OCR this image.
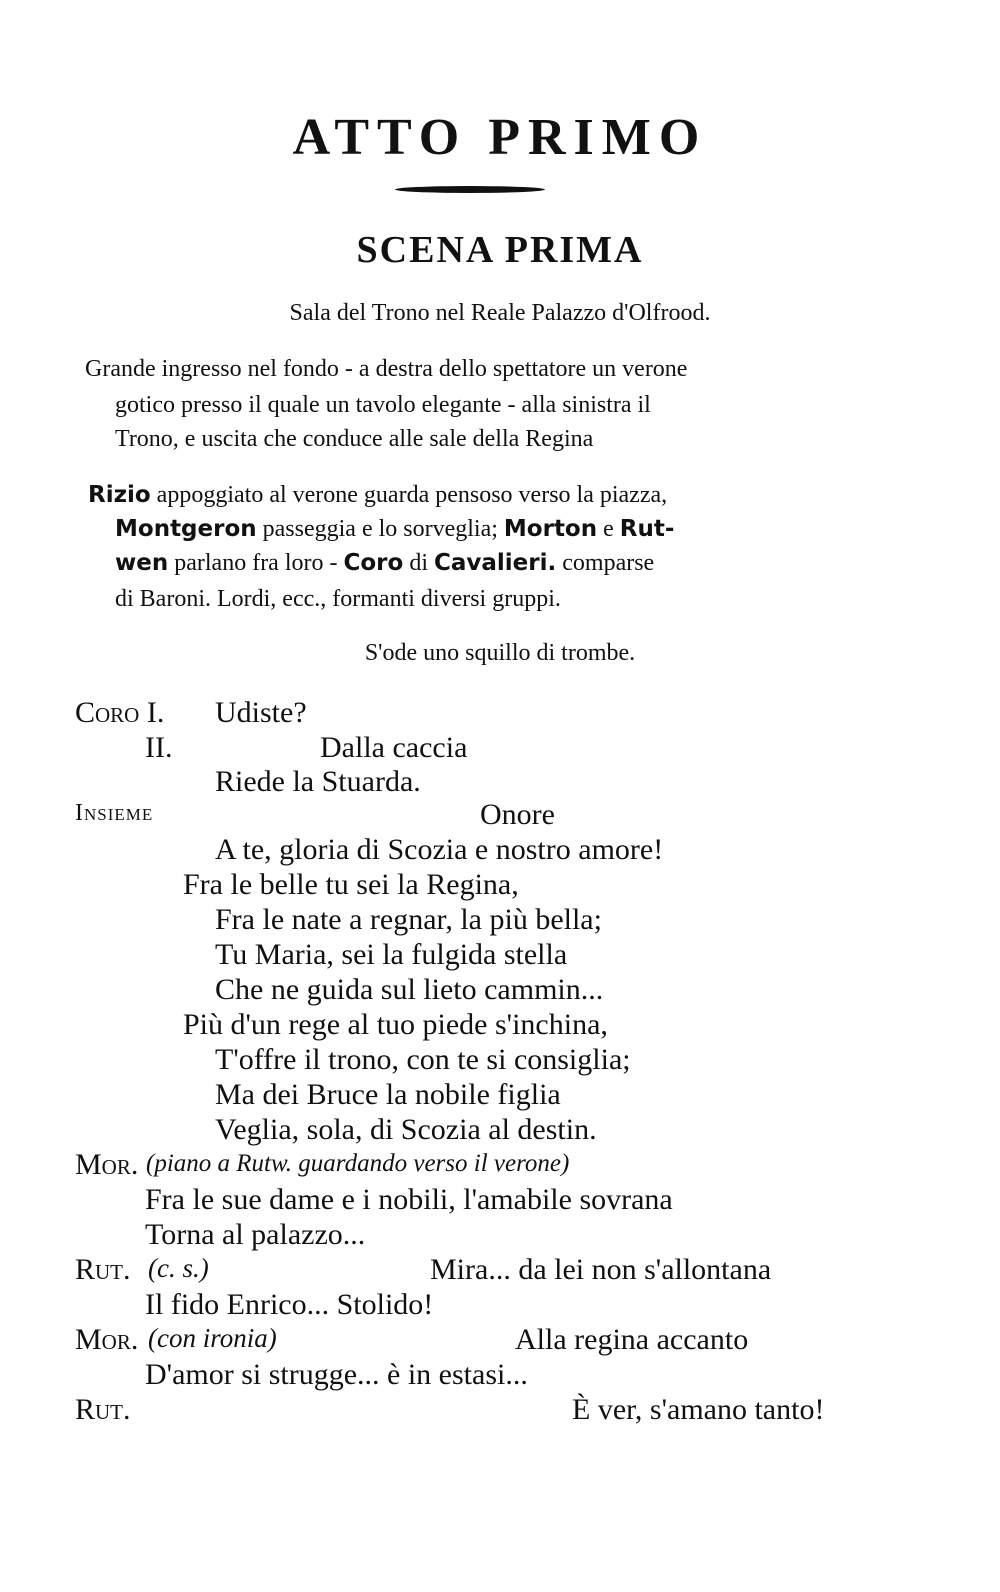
ATTO PRIMO
SCENA PRIMA
Sala del Trono nel Reale Palazzo d'Olfrood.
Grande ingresso nel fondo - a destra dello spettatore un verone
gotico presso il quale un tavolo elegante - alla sinistra il
Trono, e uscita che conduce alle sale della Regina
Rizio appoggiato al verone guarda pensoso verso la piazza,
Montgeron passeggia e lo sorveglia; Morton e Rut-
wen parlano fra loro - Coro di Cavalieri. comparse
di Baroni. Lordi, ecc., formanti diversi gruppi.
S'ode uno squillo di trombe.
Coro I. Udiste?
II.	Dalla caccia
Riede la Stuarda.
Insieme	Onore
A te, gloria di Scozia e nostro amore!
Fra le belle tu sei la Regina,
Fra le nate a regnar, la più bella;
Tu Maria, sei la fulgida stella
Che ne guida sul lieto cammin...
Più d'un rege al tuo piede s'inchina,
T'offre il trono, con te si consiglia;
Ma dei Bruce la nobile figlia
Veglia, sola, di Scozia al destin.
Mor. (piano a Rutw. guardando verso il verone)
Fra le sue dame e i nobili, l'amabile sovrana
Torna al palazzo...
Rut. (c. s.)	Mira... da lei non s'allontana
Il fido Enrico... Stolido!
Mor. (con ironia)	Alla regina accanto
D'amor si strugge... è in estasi...
Rut.	È ver, s'amano tanto!
